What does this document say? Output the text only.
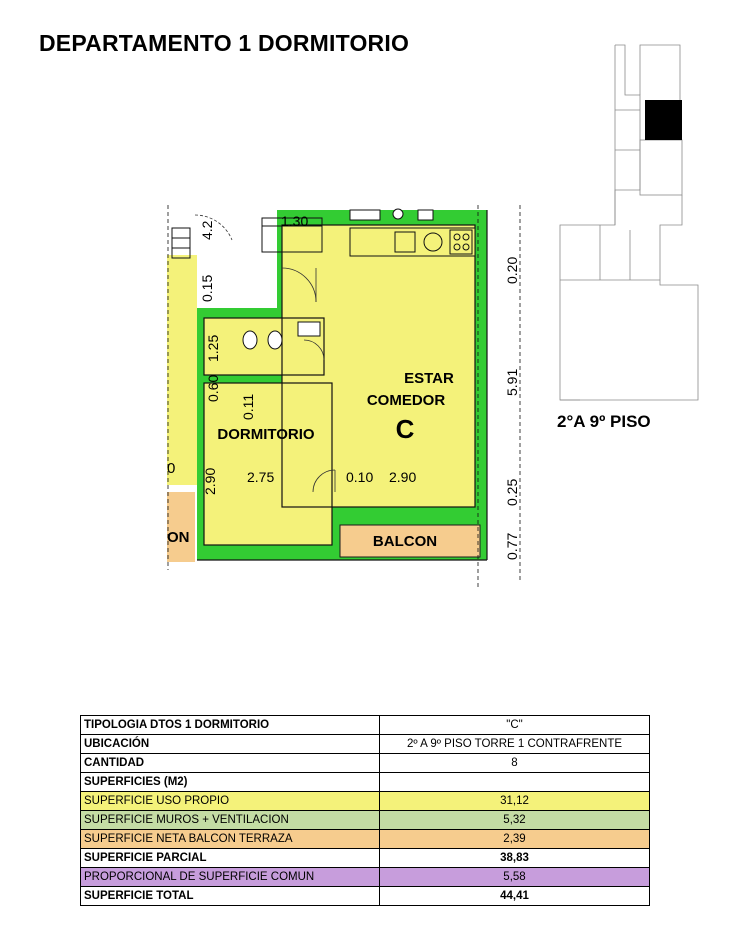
DEPARTAMENTO 1 DORMITORIO
ESTAR
COMEDOR
C
DORMITORIO
BALCON
0
ON
1.30
2.75	0.10 2.90
4.2
0.15
1.25
0.60
0.11
2.90
0.20
5.91
0.25
0.77
2°A 9º PISO
TIPOLOGIA DTOS 1 DORMITORIO	"C"
UBICACIÓN	2º A 9º PISO TORRE 1 CONTRAFRENTE
CANTIDAD	8
SUPERFICIES (M2)	
SUPERFICIE USO PROPIO	31,12
SUPERFICIE MUROS + VENTILACION	5,32
SUPERFICIE NETA BALCON TERRAZA	2,39
SUPERFICIE PARCIAL	38,83
PROPORCIONAL DE SUPERFICIE COMUN	5,58
SUPERFICIE TOTAL	44,41
